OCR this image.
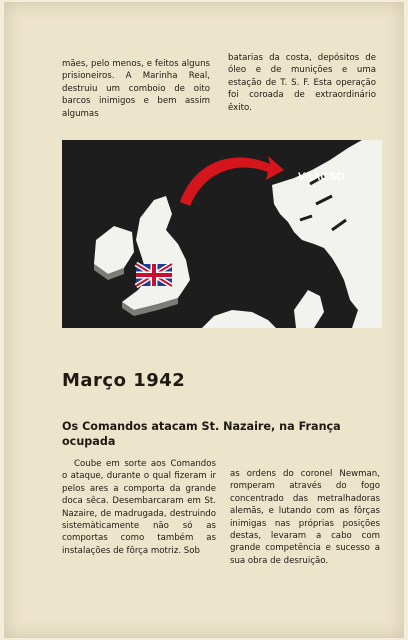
mães, pelo menos, e feitos alguns prisioneiros. A Marinha Real, destruiu um comboio de oito barcos inimigos e bem assim algumas

batarias da costa, depósitos de óleo e de munições e uma estação de T. S. F. Esta operação foi coroada de extraordinário êxito.

VAAGSO
Março 1942
Os Comandos atacam St. Nazaire, na França ocupada

Coube em sorte aos Comandos o ataque, durante o qual fizeram ir pelos ares a comporta da grande doca sêca. Desembarcaram em St. Nazaire, de madrugada, destruindo sistemàticamente não só as comportas como também as instalações de fôrça motriz. Sob

as ordens do coronel Newman, romperam através do fogo concentrado das metralhadoras alemãs, e lutando com as fôrças inimigas nas próprias posições destas, levaram a cabo com grande competência e sucesso a sua obra de desruição.
